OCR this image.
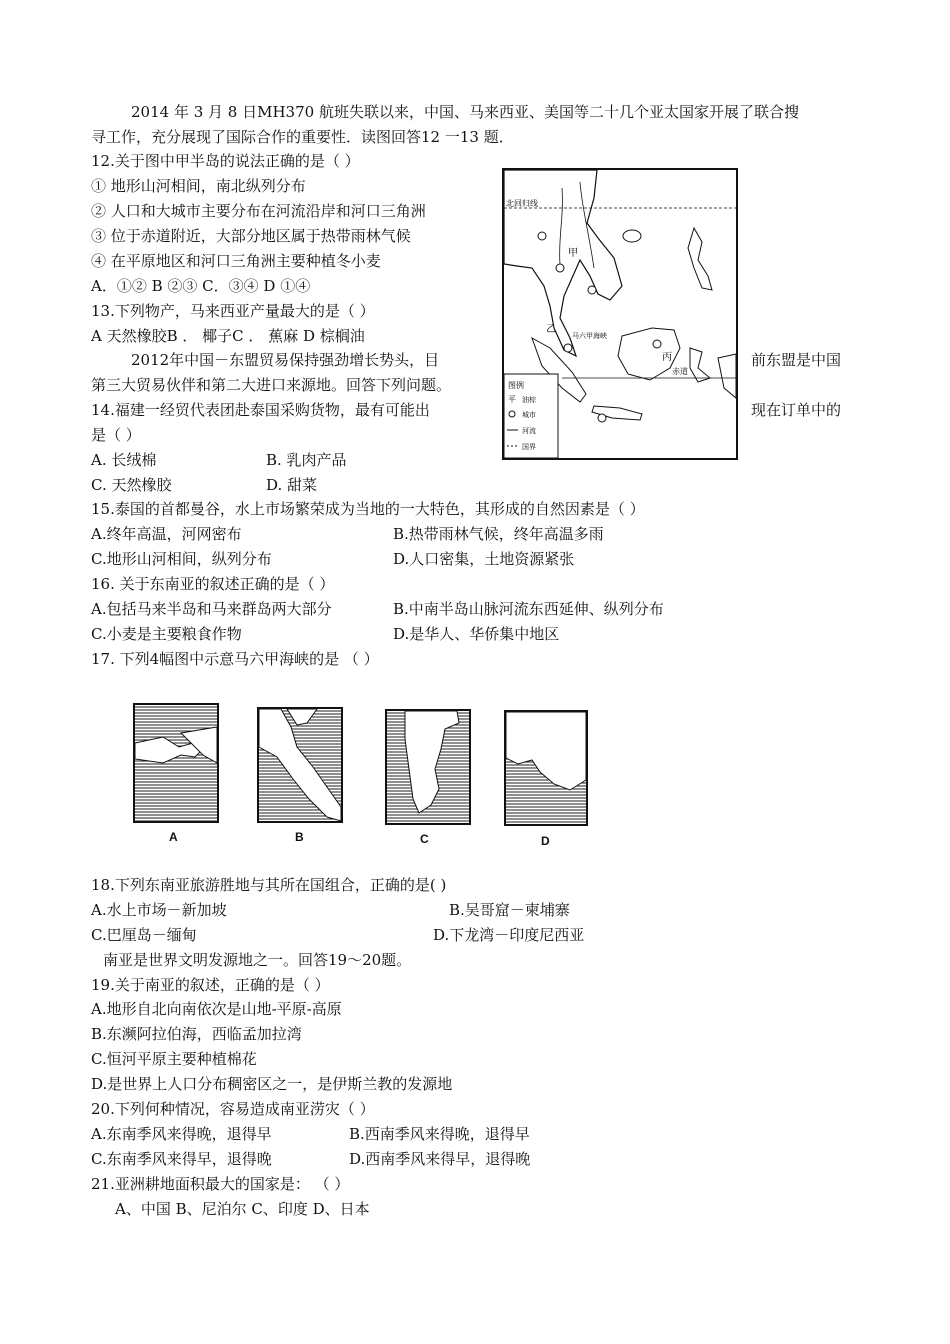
2014 年 3 月 8 日MH370 航班失联以来，中国、马来西亚、美国等二十几个亚太国家开展了联合搜
寻工作，充分展现了国际合作的重要性．读图回答12 一13 题．
12.关于图中甲半岛的说法正确的是（ ）
① 地形山河相间，南北纵列分布
② 人口和大城市主要分布在河流沿岸和河口三角洲
③ 位于赤道附近，大部分地区属于热带雨林气候
④ 在平原地区和河口三角洲主要种植冬小麦
A．①② B ②③ C．③④ D ①④
13.下列物产，马来西亚产量最大的是（ ）
A 天然橡胶B ． 椰子C ． 蕉麻 D 棕榈油
2012年中国－东盟贸易保持强劲增长势头，目	前东盟是中国
第三大贸易伙伴和第二大进口来源地。回答下列问题。
14.福建一经贸代表团赴泰国采购货物，最有可能出	现在订单中的
是（ ）
A. 长绒棉	B. 乳肉产品
C. 天然橡胶	D. 甜菜
15.泰国的首都曼谷，水上市场繁荣成为当地的一大特色，其形成的自然因素是（ ）
A.终年高温，河网密布	B.热带雨林气候，终年高温多雨
C.地形山河相间，纵列分布	D.人口密集，土地资源紧张
16. 关于东南亚的叙述正确的是（ ）
A.包括马来半岛和马来群岛两大部分	B.中南半岛山脉河流东西延伸、纵列分布
C.小麦是主要粮食作物	D.是华人、华侨集中地区
17. 下列4幅图中示意马六甲海峡的是 （ ）
北回归线
赤道
甲
丙
乙
马六甲海峡
图例
平 油棕
城市
河流
国界
A	B	C	D
18.下列东南亚旅游胜地与其所在国组合，正确的是( )
A.水上市场－新加坡	B.吴哥窟－柬埔寨
C.巴厘岛－缅甸	D.下龙湾－印度尼西亚
南亚是世界文明发源地之一。回答19～20题。
19.关于南亚的叙述，正确的是（ ）
A.地形自北向南依次是山地-平原-高原
B.东濒阿拉伯海，西临孟加拉湾
C.恒河平原主要种植棉花
D.是世界上人口分布稠密区之一，是伊斯兰教的发源地
20.下列何种情况，容易造成南亚涝灾（ ）
A.东南季风来得晚，退得早	B.西南季风来得晚，退得早
C.东南季风来得早，退得晚	D.西南季风来得早，退得晚
21.亚洲耕地面积最大的国家是： （ ）
A、中国 B、尼泊尔 C、印度 D、日本
